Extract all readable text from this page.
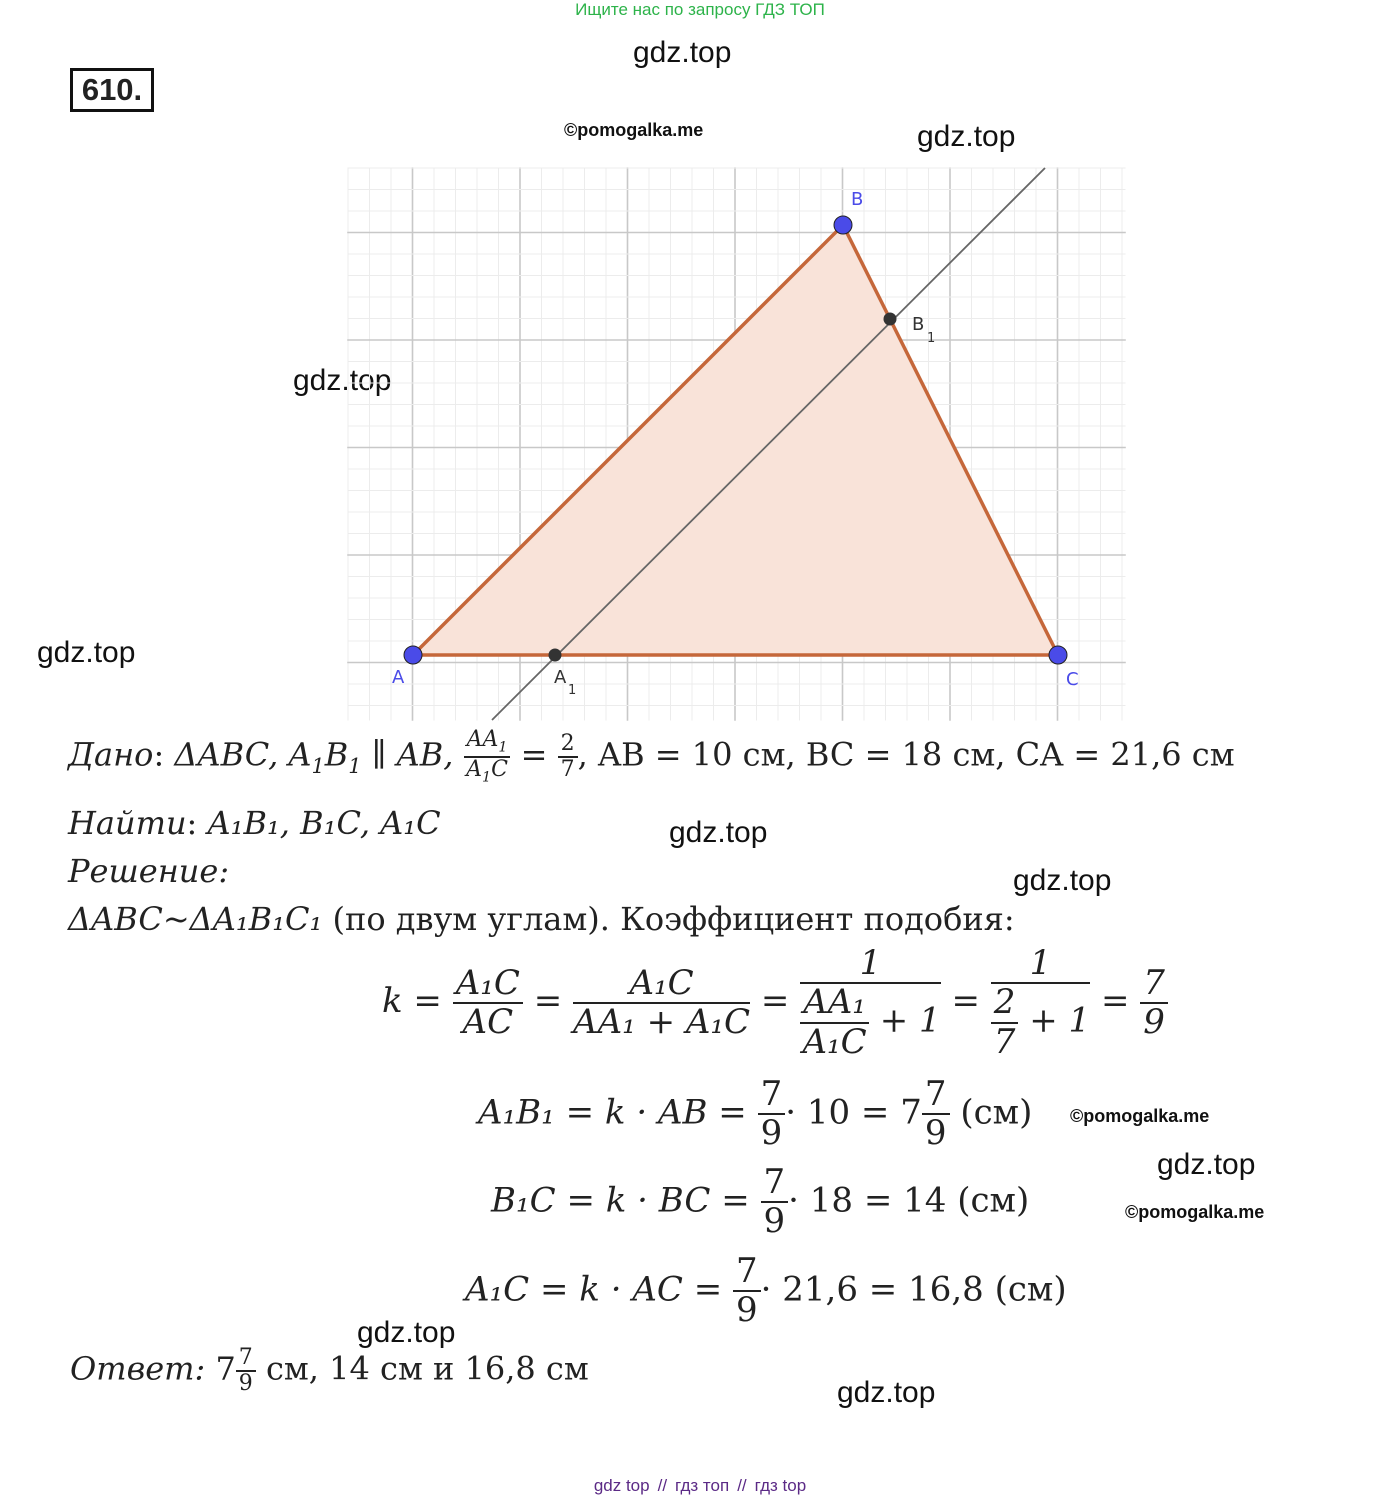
Ищите нас по запросу ГДЗ ТОП
610.
gdz.top
©pomogalka.me	gdz.top
gdz.top
gdz.top
gdz.top
gdz.top
©pomogalka.me
gdz.top
©pomogalka.me
gdz.top
gdz.top
A
B
C
A
1
B
1
Дано: ΔABC, $A_1B_1$ ∥ AB, $\frac{AA_1}{A_1C} = \frac{2}{7}$ , AB = 10 см, BC = 18 см, CA = 21,6 см
Найти: A₁B₁, B₁C, A₁C
Решение:
ΔABC~ΔA₁B₁C₁ (по двум углам). Коэффициент подобия:
$k = \frac{\text{A₁C}}{AC} = \frac{\text{A₁C}}{\text{AA₁ + A₁C}} = \frac{1}{\frac{\text{AA₁}}{\text{A₁C}} + 1} = \frac{1}{\frac{2}{7} + 1} = \frac{7}{9}$
A₁B₁ = k · AB = $\frac{7}{9} \cdot 10 = 7 \frac{7}{9} (см)$
B₁C = k · BC = $\frac{7}{9} \cdot 18 = 14$ (см)
A₁C = k · AC = $\frac{7}{9} \cdot 21,6 = 16,8$ (см)
Ответ: $7 \frac{7}{9}$ см, 14 см и 16,8 см
gdz top // гдз топ // гдз top
